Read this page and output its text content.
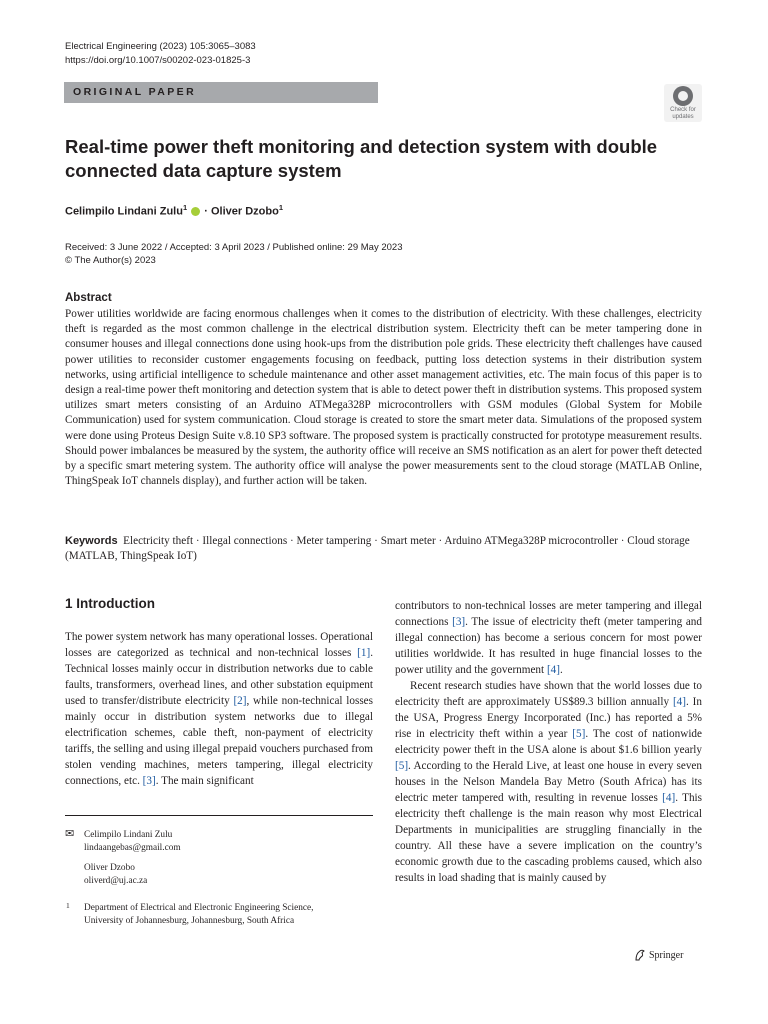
Electrical Engineering (2023) 105:3065–3083
https://doi.org/10.1007/s00202-023-01825-3
ORIGINAL PAPER
Check for
updates
Real-time power theft monitoring and detection system with double connected data capture system
Celimpilo Lindani Zulu$^1$  · Oliver Dzobo$^1$
Received: 3 June 2022 / Accepted: 3 April 2023 / Published online: 29 May 2023
© The Author(s) 2023
Abstract
Power utilities worldwide are facing enormous challenges when it comes to the distribution of electricity. With these challenges, electricity theft is regarded as the most common challenge in the electrical distribution system. Electricity theft can be meter tampering done in consumer houses and illegal connections done using hook-ups from the distribution pole grids. These electricity theft challenges have caused power utilities to reconsider customer engagements focusing on feedback, putting loss detection systems in their distribution system networks, using artificial intelligence to schedule maintenance and other asset management activities, etc. The main focus of this paper is to design a real-time power theft monitoring and detection system that is able to detect power theft in distribution systems. This proposed system utilizes smart meters consisting of an Arduino ATMega328P microcontrollers with GSM modules (Global System for Mobile Communication) used for system communication. Cloud storage is created to store the smart meter data. Simulations of the proposed system were done using Proteus Design Suite v.8.10 SP3 software. The proposed system is practically constructed for prototype measurement results. Should power imbalances be measured by the system, the authority office will receive an SMS notification as an alert for power theft detected by a specific smart metering system. The authority office will analyse the power measurements sent to the cloud storage (MATLAB Online, ThingSpeak IoT channels display), and further action will be taken.
Keywords Electricity theft · Illegal connections · Meter tampering · Smart meter · Arduino ATMega328P microcontroller · Cloud storage (MATLAB, ThingSpeak IoT)
1 Introduction

The power system network has many operational losses. Operational losses are categorized as technical and non-technical losses [1]. Technical losses mainly occur in distribution networks due to cable faults, transformers, overhead lines, and other substation equipment used to transfer/distribute electricity [2], while non-technical losses mainly occur in distribution system networks due to illegal electrification schemes, cable theft, non-payment of electricity tariffs, the selling and using illegal prepaid vouchers purchased from stolen vending machines, meters tampering, illegal electricity connections, etc. [3]. The main significant

contributors to non-technical losses are meter tampering and illegal connections [3]. The issue of electricity theft (meter tampering and illegal connection) has become a serious concern for most power utilities worldwide. It has resulted in huge financial losses to the power utility and the government [4].

Recent research studies have shown that the world losses due to electricity theft are approximately US$89.3 billion annually [4]. In the USA, Progress Energy Incorporated (Inc.) has reported a 5% rise in electricity theft within a year [5]. The cost of nationwide electricity power theft in the USA alone is about $1.6 billion yearly [5]. According to the Herald Live, at least one house in every seven houses in the Nelson Mandela Bay Metro (South Africa) has its electric meter tampered with, resulting in revenue losses [4]. This electricity theft challenge is the main reason why most Electrical Departments in municipalities are struggling financially in the country. All these have a severe implication on the country’s economic growth due to the cascading problems caused, which also results in load shading that is mainly caused by

✉ Celimpilo Lindani Zulu
lindaangebas@gmail.com
Oliver Dzobo
oliverd@uj.ac.za
1 Department of Electrical and Electronic Engineering Science,
University of Johannesburg, Johannesburg, South Africa
Springer
